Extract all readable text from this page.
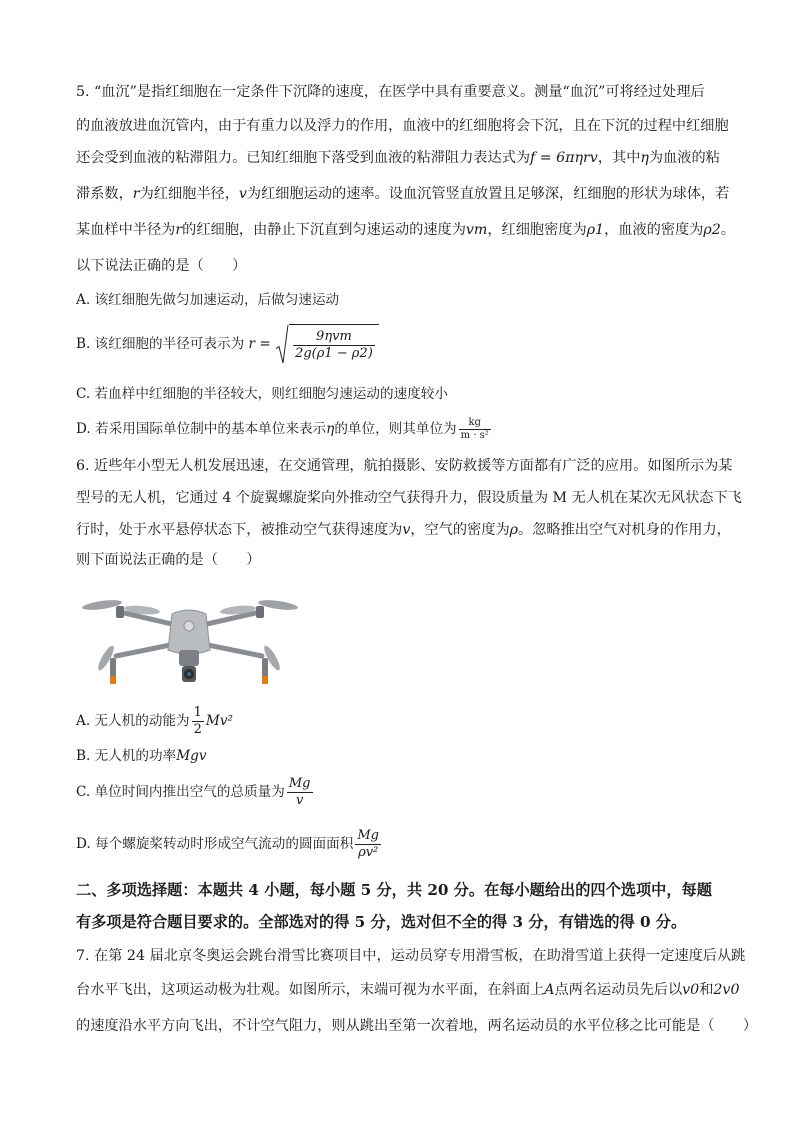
5. “血沉”是指红细胞在一定条件下沉降的速度，在医学中具有重要意义。测量“血沉”可将经过处理后
的血液放进血沉管内，由于有重力以及浮力的作用，血液中的红细胞将会下沉，且在下沉的过程中红细胞
还会受到血液的粘滞阻力。已知红细胞下落受到血液的粘滞阻力表达式为f = 6πηrv，其中η为血液的粘
滞系数，r为红细胞半径，v为红细胞运动的速率。设血沉管竖直放置且足够深，红细胞的形状为球体，若
某血样中半径为r的红细胞，由静止下沉直到匀速运动的速度为vm，红细胞密度为ρ1，血液的密度为ρ2。
以下说法正确的是（　　）
A. 该红细胞先做匀加速运动，后做匀速运动
B. 该红细胞的半径可表示为 $r = \frac{\text{9ηvm}}{2g(\rho 1 - \rho 2)}$
C. 若血样中红细胞的半径较大，则红细胞匀速运动的速度较小
D. 若采用国际单位制中的基本单位来表示η的单位，则其单位为 $\frac{kg}{\text{m · s²}}$
6. 近些年小型无人机发展迅速，在交通管理，航拍摄影、安防救援等方面都有广泛的应用。如图所示为某
型号的无人机，它通过 4 个旋翼螺旋桨向外推动空气获得升力，假设质量为 M 无人机在某次无风状态下飞
行时，处于水平悬停状态下，被推动空气获得速度为v，空气的密度为ρ。忽略推出空气对机身的作用力，
则下面说法正确的是（　　）
A. 无人机的动能为 $\frac{1}{2} Mv^2$
B. 无人机的功率Mgv
C. 单位时间内推出空气的总质量为 $\frac{Mg}{v}$
D. 每个螺旋桨转动时形成空气流动的圆面面积 $\frac{Mg}{\text{ρv²}}$
二、多项选择题：本题共 4 小题，每小题 5 分，共 20 分。在每小题给出的四个选项中，每题
有多项是符合题目要求的。全部选对的得 5 分，选对但不全的得 3 分，有错选的得 0 分。
7. 在第 24 届北京冬奥运会跳台滑雪比赛项目中，运动员穿专用滑雪板，在助滑雪道上获得一定速度后从跳
台水平飞出，这项运动极为壮观。如图所示，末端可视为水平面，在斜面上A点两名运动员先后以v0和2v0
的速度沿水平方向飞出，不计空气阻力，则从跳出至第一次着地，两名运动员的水平位移之比可能是（　　）
